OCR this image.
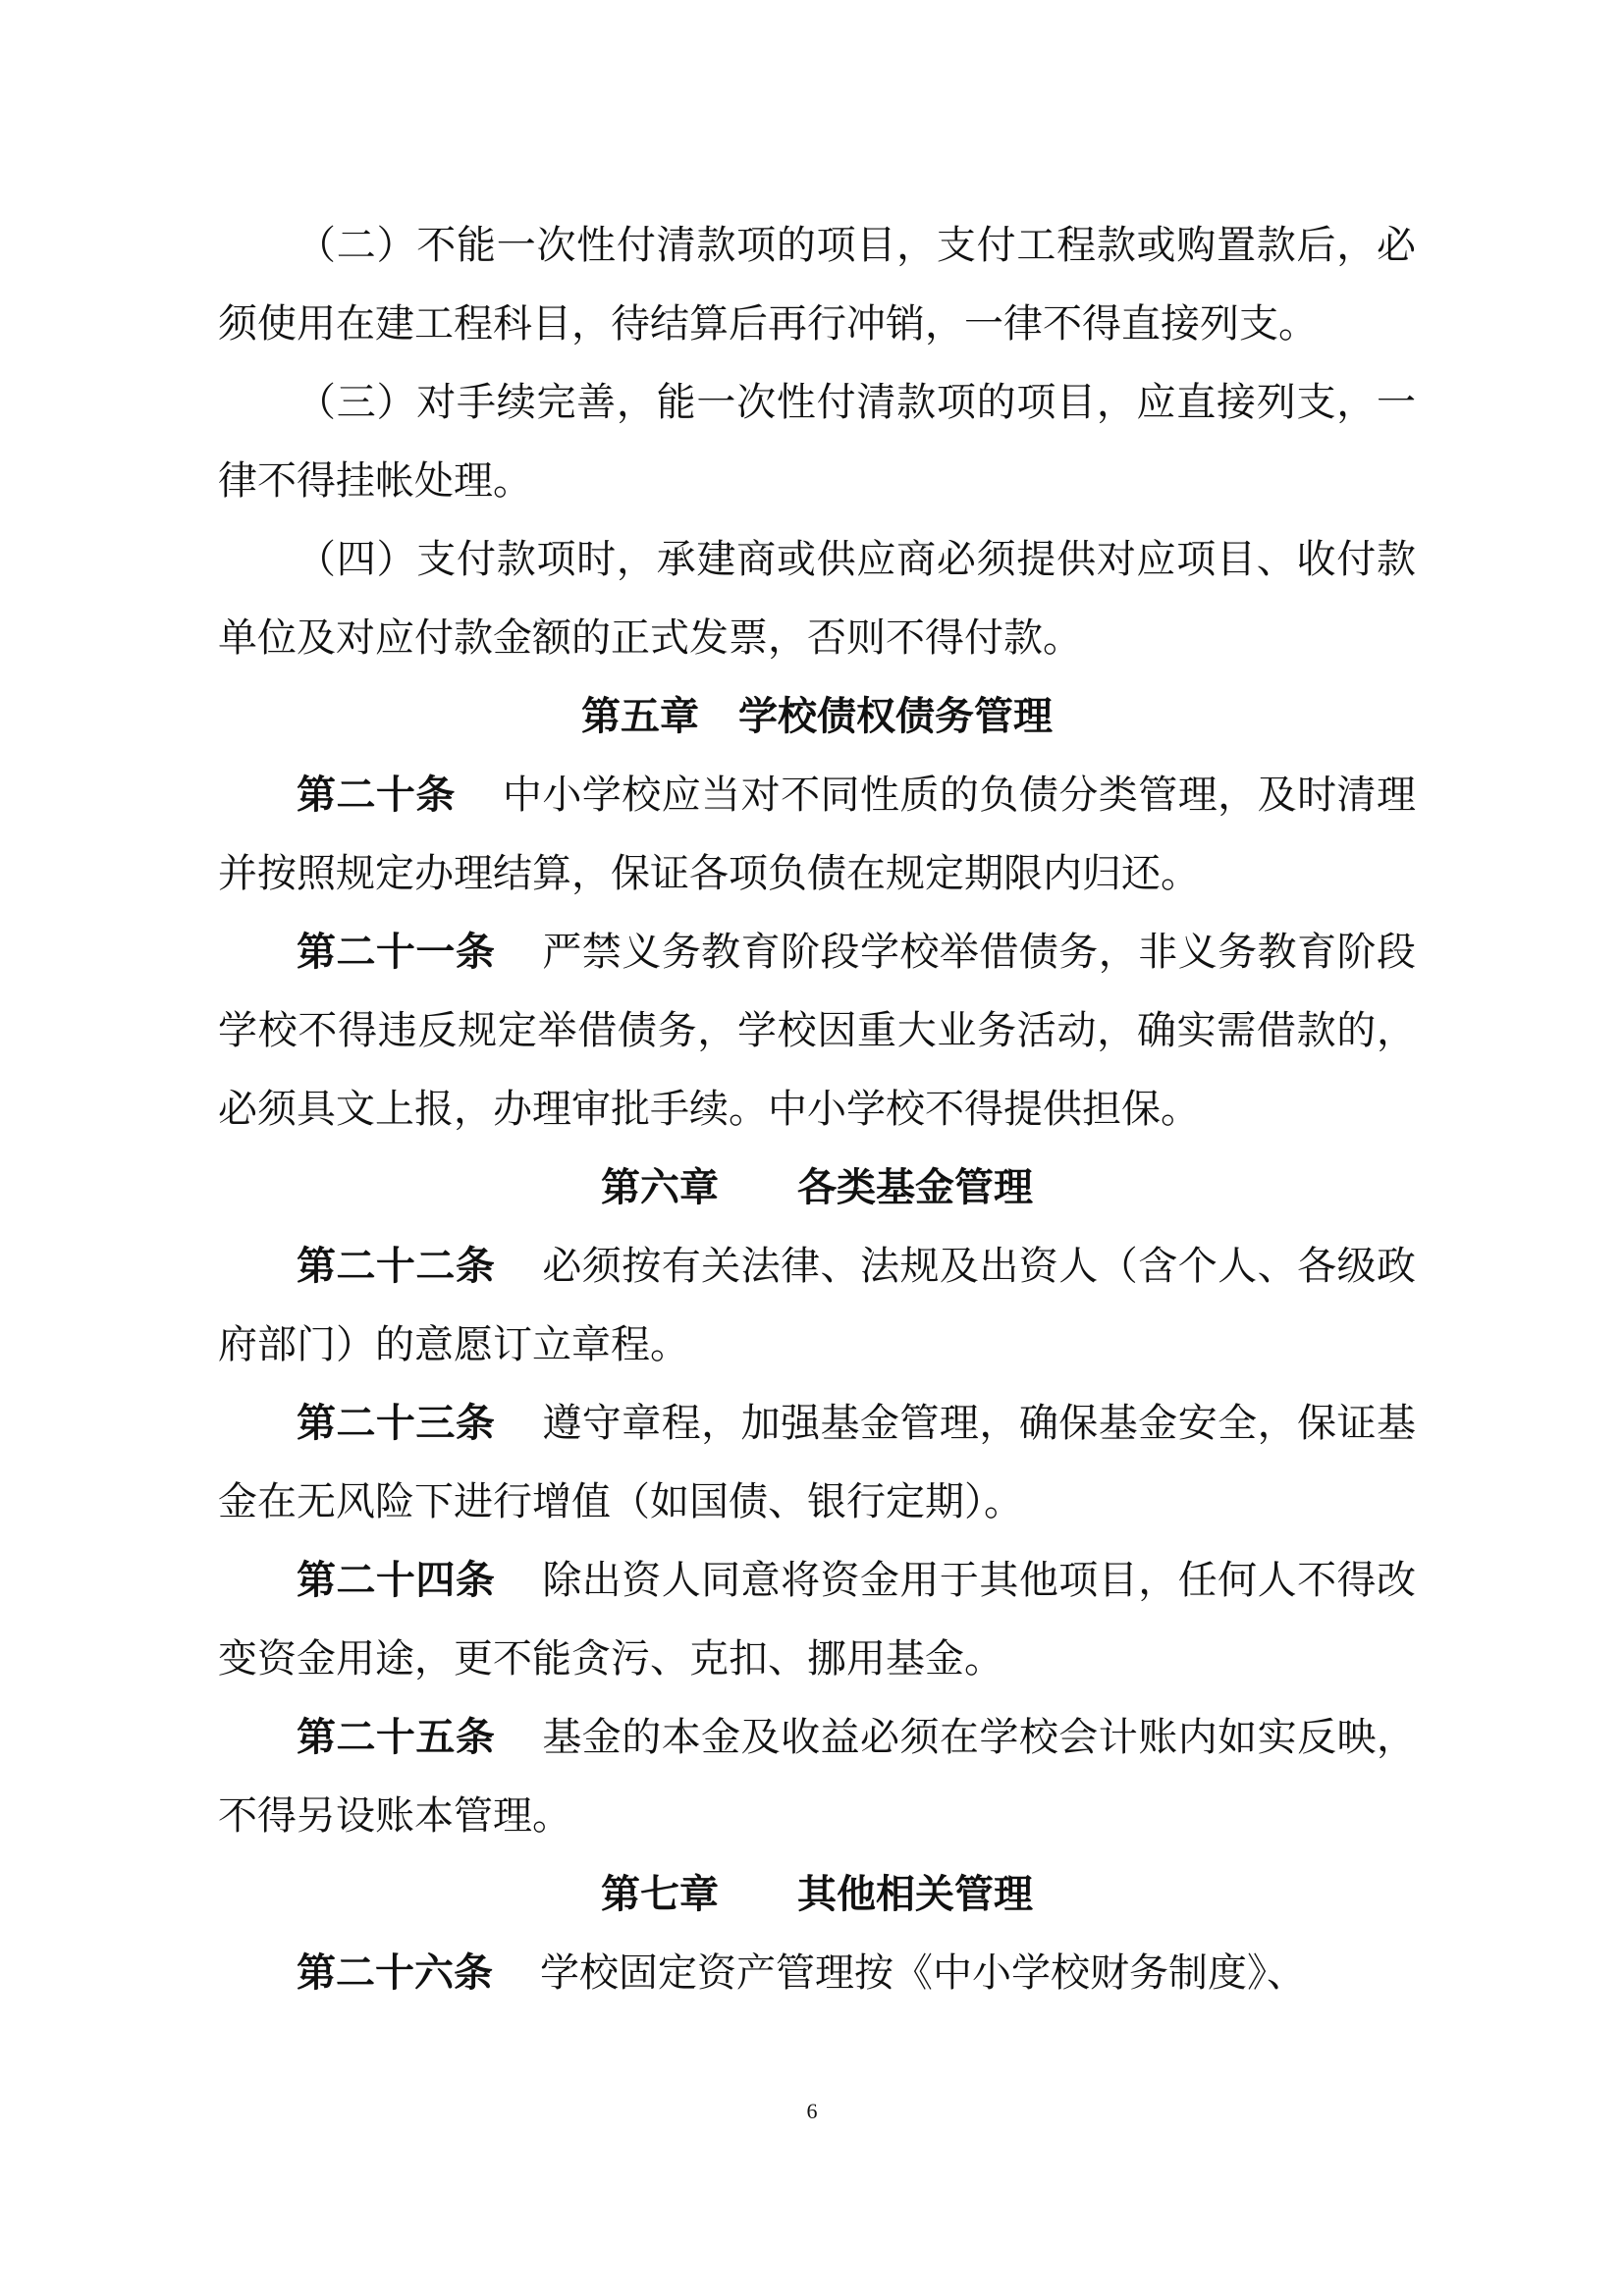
（二）不能一次性付清款项的项目，支付工程款或购置款后，必须使用在建工程科目，待结算后再行冲销，一律不得直接列支。

（三）对手续完善，能一次性付清款项的项目，应直接列支，一律不得挂帐处理。

（四）支付款项时，承建商或供应商必须提供对应项目、收付款单位及对应付款金额的正式发票，否则不得付款。

第五章　学校债权债务管理

第二十条 中小学校应当对不同性质的负债分类管理，及时清理并按照规定办理结算，保证各项负债在规定期限内归还。

第二十一条 严禁义务教育阶段学校举借债务，非义务教育阶段学校不得违反规定举借债务，学校因重大业务活动，确实需借款的，必须具文上报，办理审批手续。中小学校不得提供担保。

第六章　　各类基金管理

第二十二条 必须按有关法律、法规及出资人（含个人、各级政府部门）的意愿订立章程。

第二十三条 遵守章程，加强基金管理，确保基金安全，保证基金在无风险下进行增值（如国债、银行定期）。

第二十四条 除出资人同意将资金用于其他项目，任何人不得改变资金用途，更不能贪污、克扣、挪用基金。

第二十五条 基金的本金及收益必须在学校会计账内如实反映，不得另设账本管理。

第七章　　其他相关管理

第二十六条 学校固定资产管理按《中小学校财务制度》、

6
